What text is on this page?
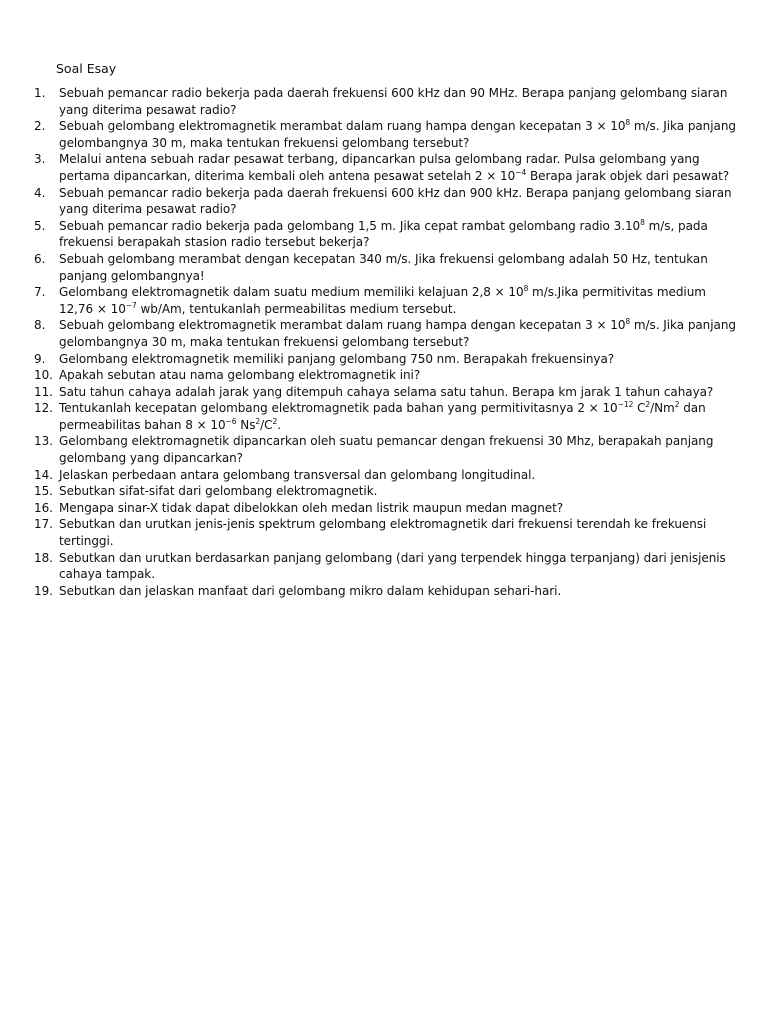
Soal Esay
1.	Sebuah pemancar radio bekerja pada daerah frekuensi 600 kHz dan 90 MHz. Berapa panjang gelombang siaran yang diterima pesawat radio?
2.	Sebuah gelombang elektromagnetik merambat dalam ruang hampa dengan kecepatan $3 \times 10^8$ m/s. Jika panjang gelombangnya 30 m, maka tentukan frekuensi gelombang tersebut?
3.	Melalui antena sebuah radar pesawat terbang, dipancarkan pulsa gelombang radar. Pulsa gelombang yang pertama dipancarkan, diterima kembali oleh antena pesawat setelah $2 \times 10^{-4}$ Berapa jarak objek dari pesawat?
4.	Sebuah pemancar radio bekerja pada daerah frekuensi 600 kHz dan 900 kHz. Berapa panjang gelombang siaran yang diterima pesawat radio?
5.	Sebuah pemancar radio bekerja pada gelombang 1,5 m. Jika cepat rambat gelombang radio 3.10$^8$ m/s, pada frekuensi berapakah stasion radio tersebut bekerja?
6.	Sebuah gelombang merambat dengan kecepatan 340 m/s. Jika frekuensi gelombang adalah 50 Hz, tentukan panjang gelombangnya!
7.	Gelombang elektromagnetik dalam suatu medium memiliki kelajuan $2,8 \times 10^8$ m/s.Jika permitivitas medium $12,76 \times 10^{-7}$ wb/Am, tentukanlah permeabilitas medium tersebut.
8.	Sebuah gelombang elektromagnetik merambat dalam ruang hampa dengan kecepatan $3 \times 10^8$ m/s. Jika panjang gelombangnya 30 m, maka tentukan frekuensi gelombang tersebut?
9.	Gelombang elektromagnetik memiliki panjang gelombang 750 nm. Berapakah frekuensinya?
10. Apakah sebutan atau nama gelombang elektromagnetik ini?
11. Satu tahun cahaya adalah jarak yang ditempuh cahaya selama satu tahun. Berapa km jarak 1 tahun cahaya?
12. Tentukanlah kecepatan gelombang elektromagnetik pada bahan yang permitivitasnya $2 \times 10^{-12}$ $C^2/Nm^2$ dan permeabilitas bahan $8 \times 10^{-6}$ $Ns^2/C^2$.
13. Gelombang elektromagnetik dipancarkan oleh suatu pemancar dengan frekuensi 30 Mhz, berapakah panjang gelombang yang dipancarkan?
14. Jelaskan perbedaan antara gelombang transversal dan gelombang longitudinal.
15. Sebutkan sifat-sifat dari gelombang elektromagnetik.
16. Mengapa sinar-X tidak dapat dibelokkan oleh medan listrik maupun medan magnet?
17. Sebutkan dan urutkan jenis-jenis spektrum gelombang elektromagnetik dari frekuensi terendah ke frekuensi tertinggi.
18. Sebutkan dan urutkan berdasarkan panjang gelombang (dari yang terpendek hingga terpanjang) dari jenisjenis cahaya tampak.
19. Sebutkan dan jelaskan manfaat dari gelombang mikro dalam kehidupan sehari-hari.
